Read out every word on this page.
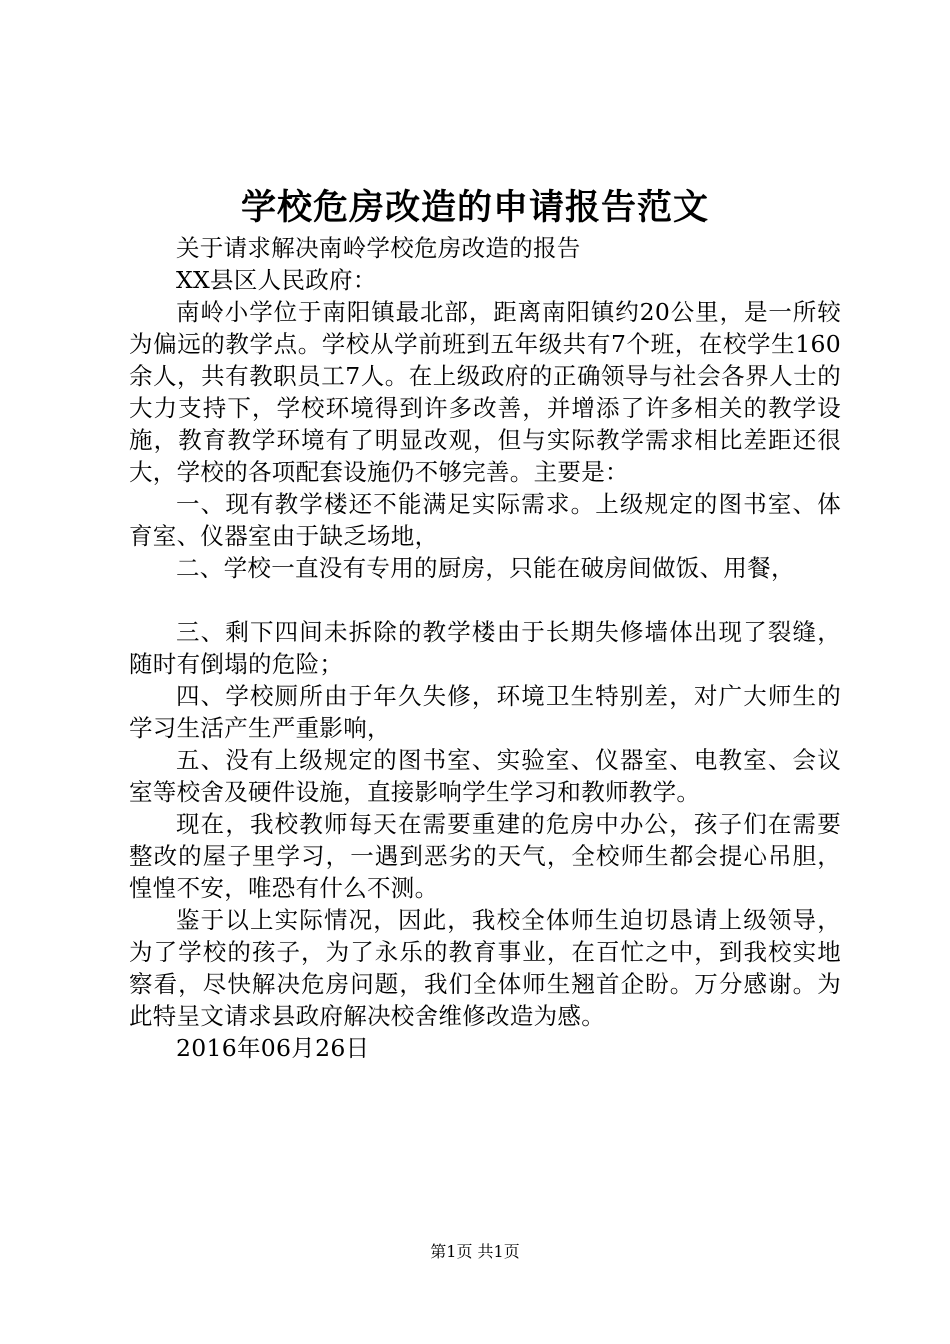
学校危房改造的申请报告范文

关于请求解决南岭学校危房改造的报告

XX县区人民政府：

南岭小学位于南阳镇最北部，距离南阳镇约20公里，是一所较为偏远的教学点。学校从学前班到五年级共有7个班，在校学生160余人，共有教职员工7人。在上级政府的正确领导与社会各界人士的大力支持下，学校环境得到许多改善，并增添了许多相关的教学设施，教育教学环境有了明显改观，但与实际教学需求相比差距还很大，学校的各项配套设施仍不够完善。主要是：

一、现有教学楼还不能满足实际需求。上级规定的图书室、体育室、仪器室由于缺乏场地，

二、学校一直没有专用的厨房，只能在破房间做饭、用餐，

三、剩下四间未拆除的教学楼由于长期失修墙体出现了裂缝，随时有倒塌的危险；

四、学校厕所由于年久失修，环境卫生特别差，对广大师生的学习生活产生严重影响，

五、没有上级规定的图书室、实验室、仪器室、电教室、会议室等校舍及硬件设施，直接影响学生学习和教师教学。

现在，我校教师每天在需要重建的危房中办公，孩子们在需要整改的屋子里学习，一遇到恶劣的天气，全校师生都会提心吊胆，惶惶不安，唯恐有什么不测。

鉴于以上实际情况，因此，我校全体师生迫切恳请上级领导，为了学校的孩子，为了永乐的教育事业，在百忙之中，到我校实地察看，尽快解决危房问题，我们全体师生翘首企盼。万分感谢。为此特呈文请求县政府解决校舍维修改造为感。

2016年06月26日

第1页 共1页
